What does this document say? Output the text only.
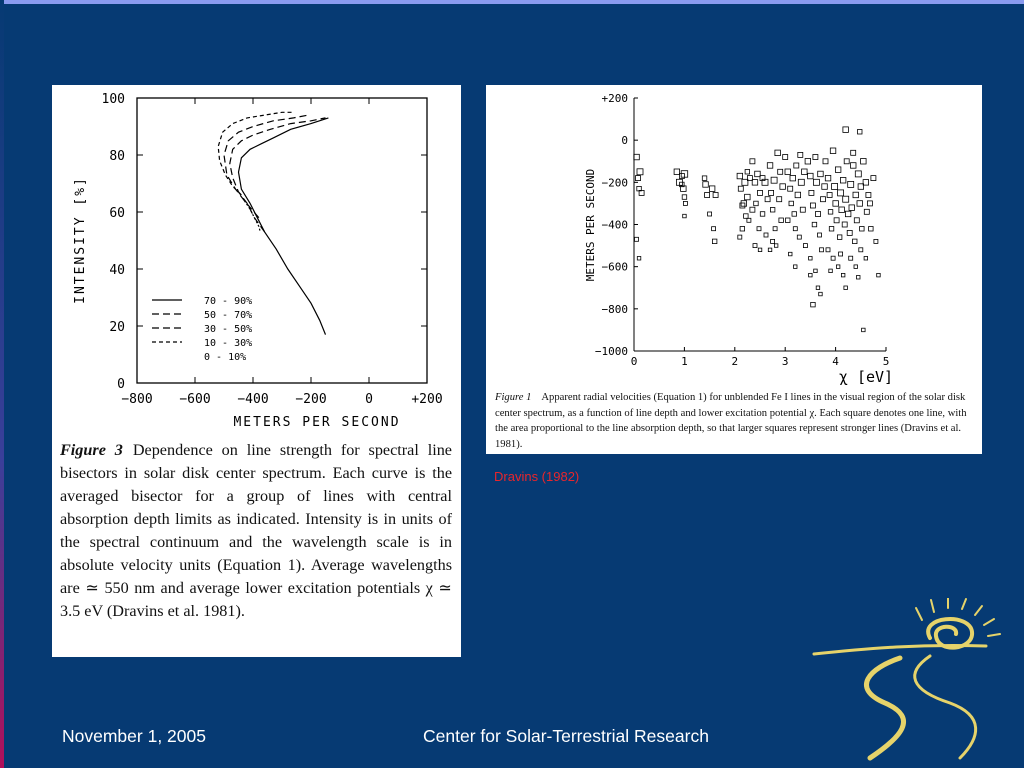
−800 −600 −400 −200	0	+200
0
20
40
60
80
100
70 - 90%
50 - 70%
30 - 50%
10 - 30%
0 - 10%
METERS PER SECOND
INTENSITY [%]
Figure 3 Dependence on line strength for spectral line bisectors in solar disk center spectrum. Each curve is the averaged bisector for a group of lines with central absorption depth limits as indicated. Intensity is in units of the spectral continuum and the wavelength scale is in absolute velocity units (Equation 1). Average wavelengths are ≃ 550 nm and average lower excitation potentials χ ≃ 3.5 eV (Dravins et al. 1981).
0	1	2	3	4	5
+200
0
−200
−400
−600
−800
−1000
χ [eV]
METERS PER SECOND
Figure 1 Apparent radial velocities (Equation 1) for unblended Fe I lines in the visual region of the solar disk center spectrum, as a function of line depth and lower excitation potential χ. Each square denotes one line, with the area proportional to the line absorption depth, so that larger squares represent stronger lines (Dravins et al. 1981).
Dravins (1982)
November 1, 2005	Center for Solar-Terrestrial Research
